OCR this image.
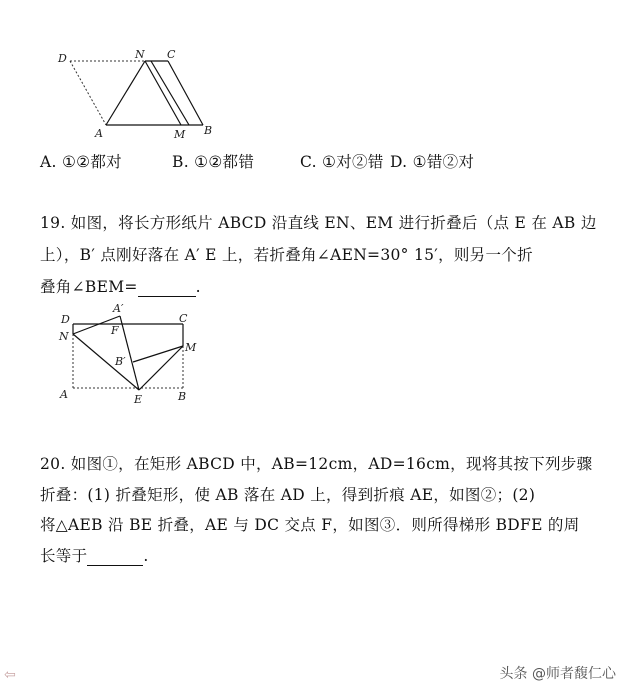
D	N C
A	M B
A. ①②都对	B. ①②都错	C. ①对②错 D. ①错②对
19. 如图，将长方形纸片 ABCD 沿直线 EN、EM 进行折叠后（点 E 在 AB 边
上），B′ 点刚好落在 A′ E 上，若折叠角∠AEN=30° 15′，则另一个折
叠角∠BEM=	.
A′
D	C
F
N
M
B′
A	E	B
20. 如图①，在矩形 ABCD 中，AB=12cm，AD=16cm，现将其按下列步骤
折叠：(1) 折叠矩形，使 AB 落在 AD 上，得到折痕 AE，如图②；(2)
将△AEB 沿 BE 折叠，AE 与 DC 交点 F，如图③．则所得梯形 BDFE 的周
长等于	.
⇦	头条 @师者馥仁心
